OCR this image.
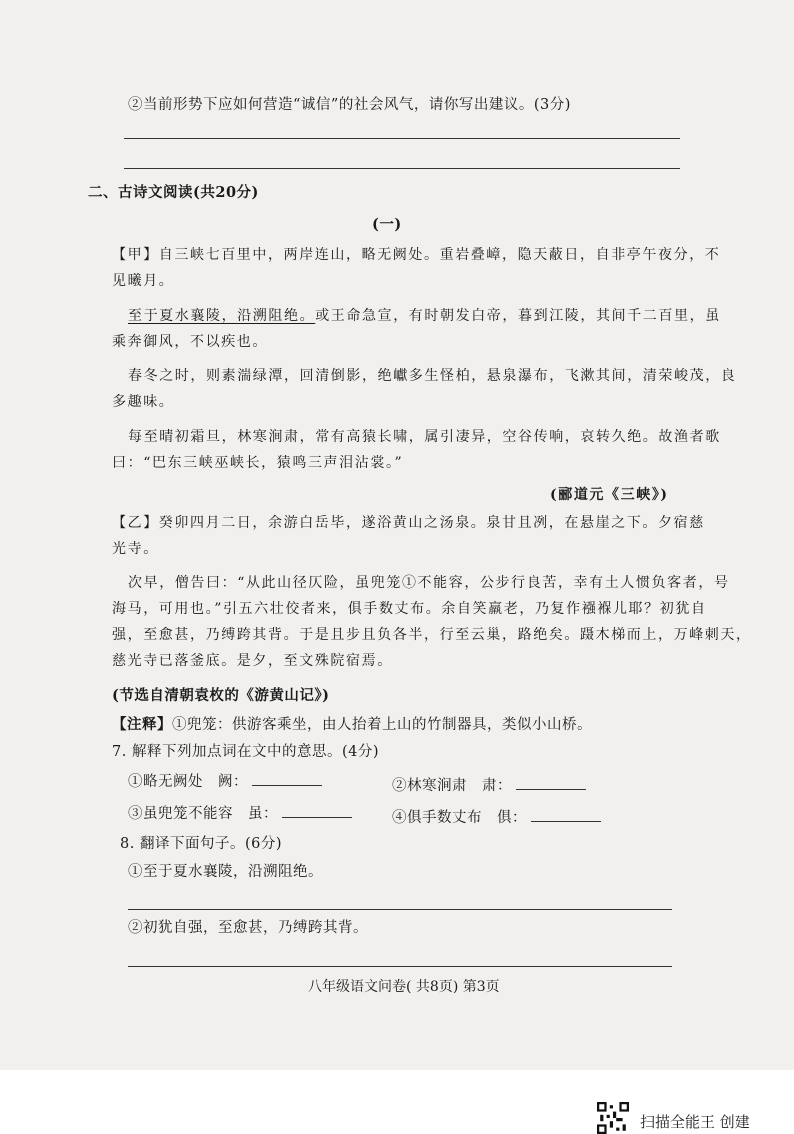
②当前形势下应如何营造“诚信”的社会风气，请你写出建议。(3分)
二、古诗文阅读(共20分)
(一)
【甲】自三峡七百里中，两岸连山，略无阙处。重岩叠嶂，隐天蔽日，自非亭午夜分，不
见曦月。
至于夏水襄陵，沿溯阻绝。或王命急宣，有时朝发白帝，暮到江陵，其间千二百里，虽
乘奔御风，不以疾也。
春冬之时，则素湍绿潭，回清倒影，绝巘多生怪柏，悬泉瀑布，飞漱其间，清荣峻茂，良
多趣味。
每至晴初霜旦，林寒涧肃，常有高猿长啸，属引凄异，空谷传响，哀转久绝。故渔者歌
曰：“巴东三峡巫峡长，猿鸣三声泪沾裳。”
(郦道元《三峡》)
【乙】癸卯四月二日，余游白岳毕，遂浴黄山之汤泉。泉甘且冽，在悬崖之下。夕宿慈
光寺。
次早，僧告曰：“从此山径仄险，虽兜笼①不能容，公步行良苦，幸有土人惯负客者，号
海马，可用也。”引五六壮佼者来，俱手数丈布。余自笑羸老，乃复作襁褓儿耶？初犹自
强，至愈甚，乃缚跨其背。于是且步且负各半，行至云巢，路绝矣。蹑木梯而上，万峰刺天，
慈光寺已落釜底。是夕，至文殊院宿焉。
(节选自清朝袁枚的《游黄山记》)
【注释】①兜笼：供游客乘坐，由人抬着上山的竹制器具，类似小山桥。
7. 解释下列加点词在文中的意思。(4分)
①略无阙处　阙：	②林寒涧肃　肃：
③虽兜笼不能容　虽：	④俱手数丈布　俱：
8. 翻译下面句子。(6分)
①至于夏水襄陵，沿溯阻绝。
②初犹自强，至愈甚，乃缚跨其背。
八年级语文问卷( 共8页) 第3页
扫描全能王 创建
